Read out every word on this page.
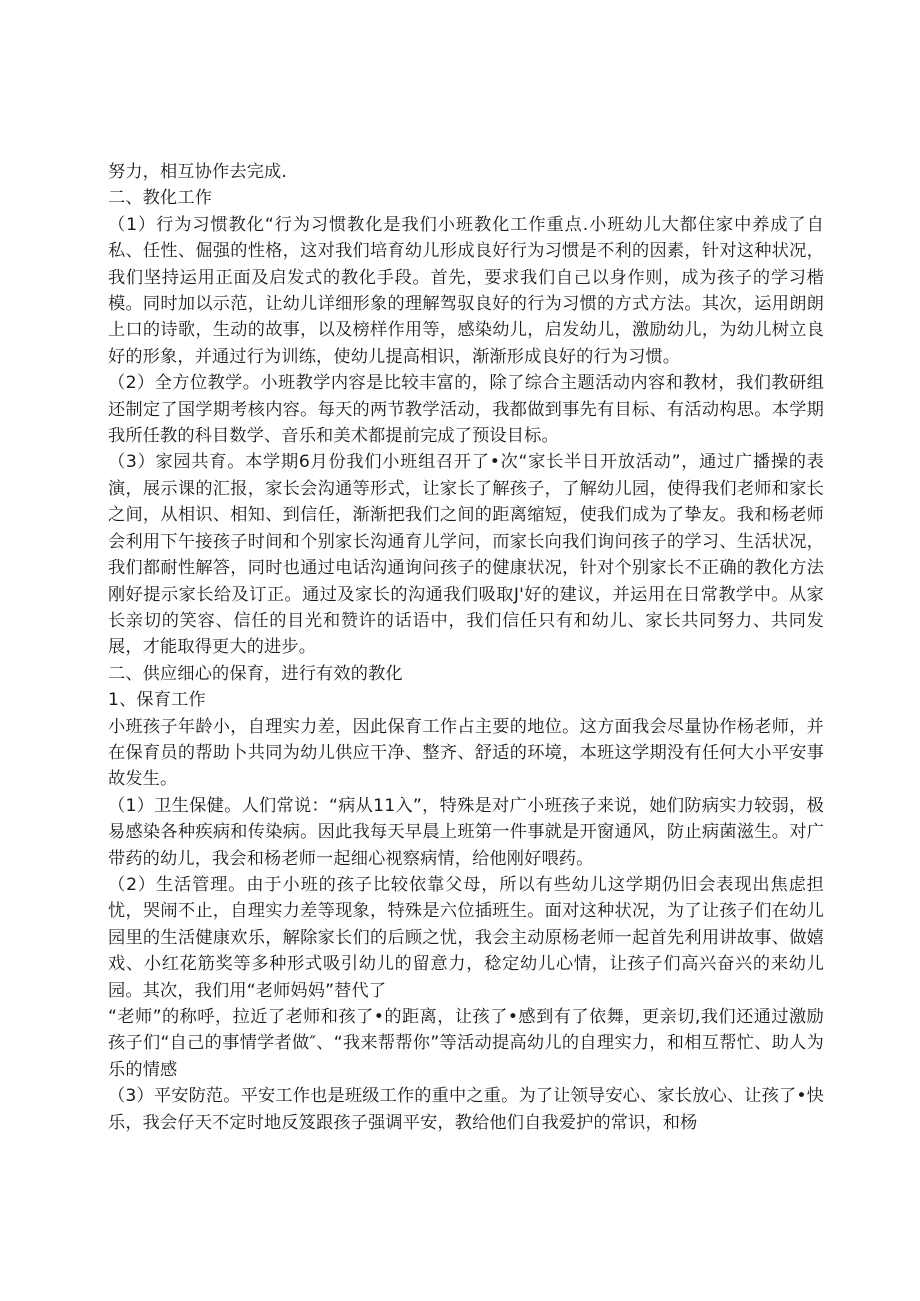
努力，相互协作去完成.

二、教化工作

（1）行为习惯教化“行为习惯教化是我们小班教化工作重点.小班幼儿大都住家中养成了自私、任性、倔强的性格，这对我们培育幼儿形成良好行为习惯是不利的因素，针对这种状况，我们坚持运用正面及启发式的教化手段。首先，要求我们自己以身作则，成为孩子的学习楷模。同时加以示范，让幼儿详细形象的理解驾驭良好的行为习惯的方式方法。其次，运用朗朗上口的诗歌，生动的故事，以及榜样作用等，感染幼儿，启发幼儿，激励幼儿，为幼儿树立良好的形象，并通过行为训练，使幼儿提高相识，渐渐形成良好的行为习惯。

（2）全方位教学。小班教学内容是比较丰富的，除了综合主题活动内容和教材，我们教研组还制定了国学期考核内容。每天的两节教学活动，我都做到事先有目标、有活动构思。本学期我所任教的科目数学、音乐和美术都提前完成了预设目标。

（3）家园共育。本学期6月份我们小班组召开了•次“家长半日开放活动”，通过广播操的表演，展示课的汇报，家长会沟通等形式，让家长了解孩子，了解幼儿园，使得我们老师和家长之间，从相识、相知、到信任，渐渐把我们之间的距离缩短，使我们成为了挚友。我和杨老师会利用下午接孩子时间和个别家长沟通育儿学问，而家长向我们询问孩子的学习、生活状况，我们都耐性解答，同时也通过电话沟通询问孩子的健康状况，针对个别家长不正确的教化方法刚好提示家长给及订正。通过及家长的沟通我们吸取J'好的建议，并运用在日常教学中。从家长亲切的笑容、信任的目光和赞许的话语中，我们信任只有和幼儿、家长共同努力、共同发展，才能取得更大的进步。

二、供应细心的保育，进行有效的教化

1、保育工作

小班孩子年龄小，自理实力差，因此保育工作占主要的地位。这方面我会尽量协作杨老师，并在保育员的帮助卜共同为幼儿供应干净、整齐、舒适的环境，本班这学期没有任何大小平安事故发生。

（1）卫生保健。人们常说：“病从11入”，特殊是对广小班孩子来说，她们防病实力较弱，极易感染各种疾病和传染病。因此我每天早晨上班第一件事就是开窗通风，防止病菌滋生。对广带药的幼儿，我会和杨老师一起细心视察病情，给他刚好喂药。

（2）生活管理。由于小班的孩子比较依靠父母，所以有些幼儿这学期仍旧会表现出焦虑担忧，哭闹不止，自理实力差等现象，特殊是六位插班生。面对这种状况，为了让孩子们在幼儿园里的生活健康欢乐，解除家长们的后顾之忧，我会主动原杨老师一起首先利用讲故事、做嬉戏、小红花筋奖等多种形式吸引幼儿的留意力，稔定幼儿心情，让孩子们高兴奋兴的来幼儿园。其次，我们用“老师妈妈”替代了

“老师”的称呼，拉近了老师和孩了•的距离，让孩了•感到有了依舞，更亲切,我们还通过激励孩子们“自己的事情学者做″、“我来帮帮你”等活动提高幼儿的自理实力，和相互帮忙、助人为乐的情感

（3）平安防范。平安工作也是班级工作的重中之重。为了让领导安心、家长放心、让孩了•快乐，我会仔天不定时地反笈跟孩子强调平安，教给他们自我爱护的常识，和杨
